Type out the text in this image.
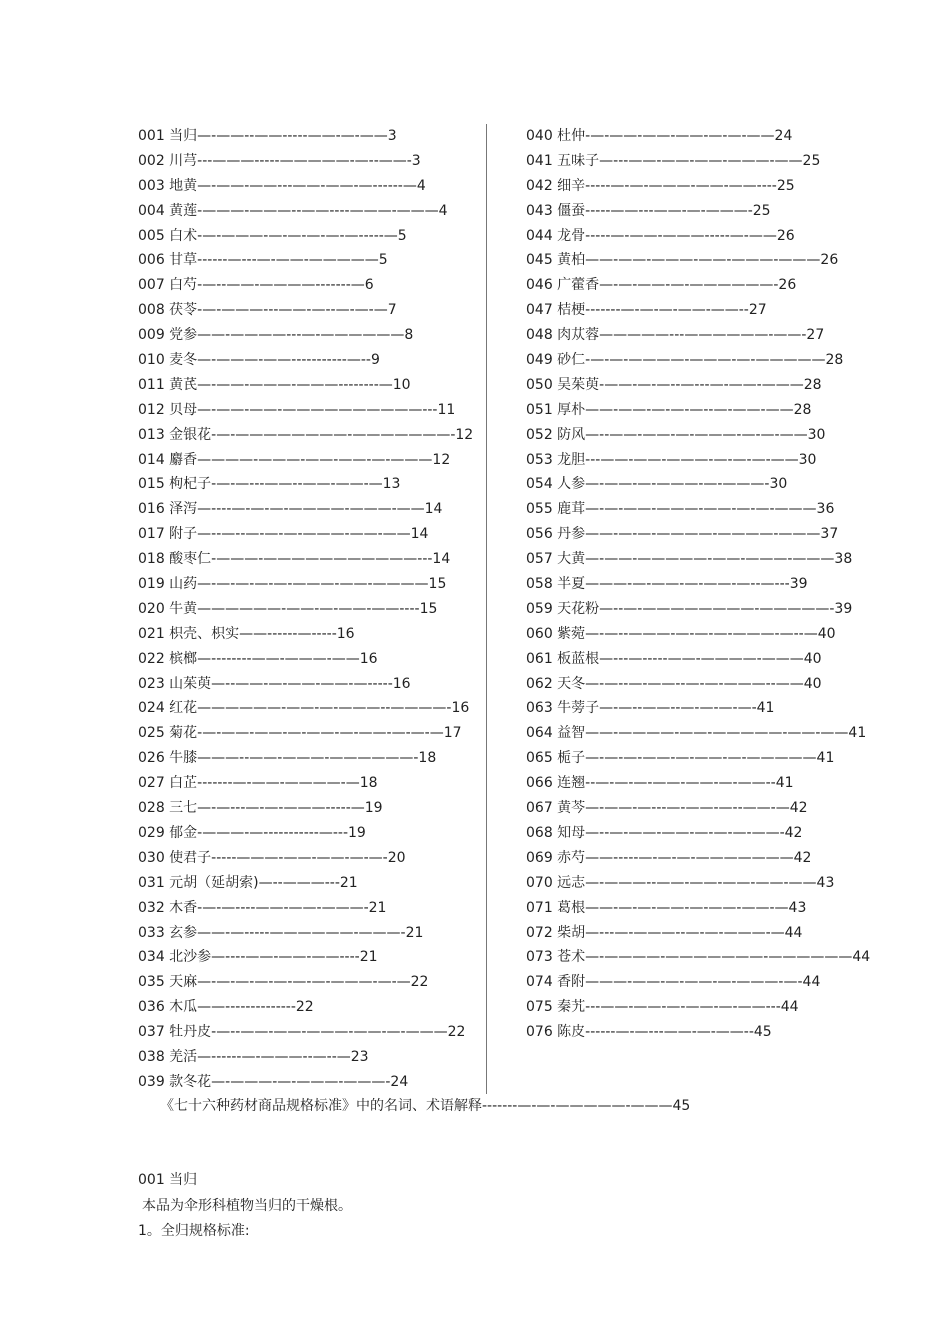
001 当归—-——--——-----——-—-——3
002 川芎---———-----—————-—--——-3
003 地黄—-——-——---——-——-—------—4
004 黄莲-———-———--——----———-———4
005 白术-—-———-—-—-—-—-—-----—5
006 甘草------—---—-——-—————5
007 白芍-—--——-————-------—6
008 茯苓-—-———---——-—--—-—-—7
009 党参——-————---—-——————8
010 麦冬—-———-——-----------—--9
011 黄芪—-——-———-———--------—10
012 贝母—-——-——-——————————---11
013 金银花-—-————————-———————-12
014 麝香————-———-——-——-—-———12
015 枸杞子-—-—---——--——-——-—13
016 泽泻—----—-—-—-————-———-——14
017 附子—--—--—-—-—-———-——-——14
018 酸枣仁-———-———————————---14
019 山药—-—-—-—-—-———-——-————15
020 牛黄——————-——-—-——-——----15
021 枳壳、枳实——------—-----16
022 槟榔—--------——-———-——16
023 山茱萸—--——-—-——-——-—-----16
024 红花——————-——-—-———--————-16
025 菊花-—-——-——-—-——-—-——-—-—-—17
026 牛膝———--——-———-——————-18
027 白芷-------—-——-————-—18
028 三七—-—---—-—-———-----—19
029 郁金-———-—-----------—---19
030 使君子-----———-——-——-—-—-20
031 元胡（延胡索)—--———---21
032 木香-—-—----——-——-———-21
033 玄参——-—-----——————-———-21
034 北沙参—----——-——-——----21
035 天麻—-—-—-—-—-—-—-———-—-—22
036 木瓜——--------------22
037 牡丹皮-—--——-——-———-——-—-———22
038 羌活—------—-———--—--—23
039 款冬花—-———-—-———-———-24
040 杜仲-—-——-——-——-—-—-——24
041 五味子—---——-——-——-———-——25
042 细辛-----—-—-———-——-——----25
043 僵蚕-----——---——-—-———-25
044 龙骨-----—-——-———-----—-——26
045 黄柏——-——-———-——-———-———26
046 广藿香—-—-——-—-——————-26
047 桔梗-------—-—-—-——-——--27
048 肉苁蓉—————---——————-——-27
049 砂仁-—-—-————-———-—-—————28
050 吴茱萸-——-—-—--—---—-——-———28
051 厚朴——-——-—-—-—--—-——-——28
052 防风—--——-——-—-———-—-—-——30
053 龙胆---——-——-———-—-—-—-——30
054 人参—-——-—-———-—-———-30
055 鹿茸—-—-——-———-——-—-—-———36
056 丹参——-—-—-————-————-———37
057 大黄—-——-—————-——-———-———38
058 半夏———-—-——-—-——-—--—---39
059 天花粉—--—-————————-—————-39
060 紫菀—-—--———-—-—-—-———-—--—40
061 板蓝根—---—-----——-————-———40
062 天冬—-—--—-——--—-—-———--——40
063 牛蒡子—-—--——--—-—-—-—-41
064 益智——-————-——-—————-——-——41
065 栀子—-—-—-——-—-——-—-—————41
066 连翘--—-—-—-——-——-—-——--41
067 黄芩—-——-—---—-——-—--——-—42
068 知母—--—-——-——-—-—-—-——-42
069 赤芍——-----—-—-—-———————42
070 远志—-———--——-——-——-——-——43
071 葛根——-—-—-——-—-——-——-—43
072 柴胡—---—-———--—-—-———-—44
073 苍术—-————-———————-——————44
074 香附———-——-—-——-—-———-—-44
075 秦艽---——-——-—-——-—-——---44
076 陈皮------—-—---——-—-——--45
《七十六种药材商品规格标准》中的名词、术语解释-------—-—-—————-———45
001 当归
本品为伞形科植物当归的干燥根。
1。全归规格标准:
